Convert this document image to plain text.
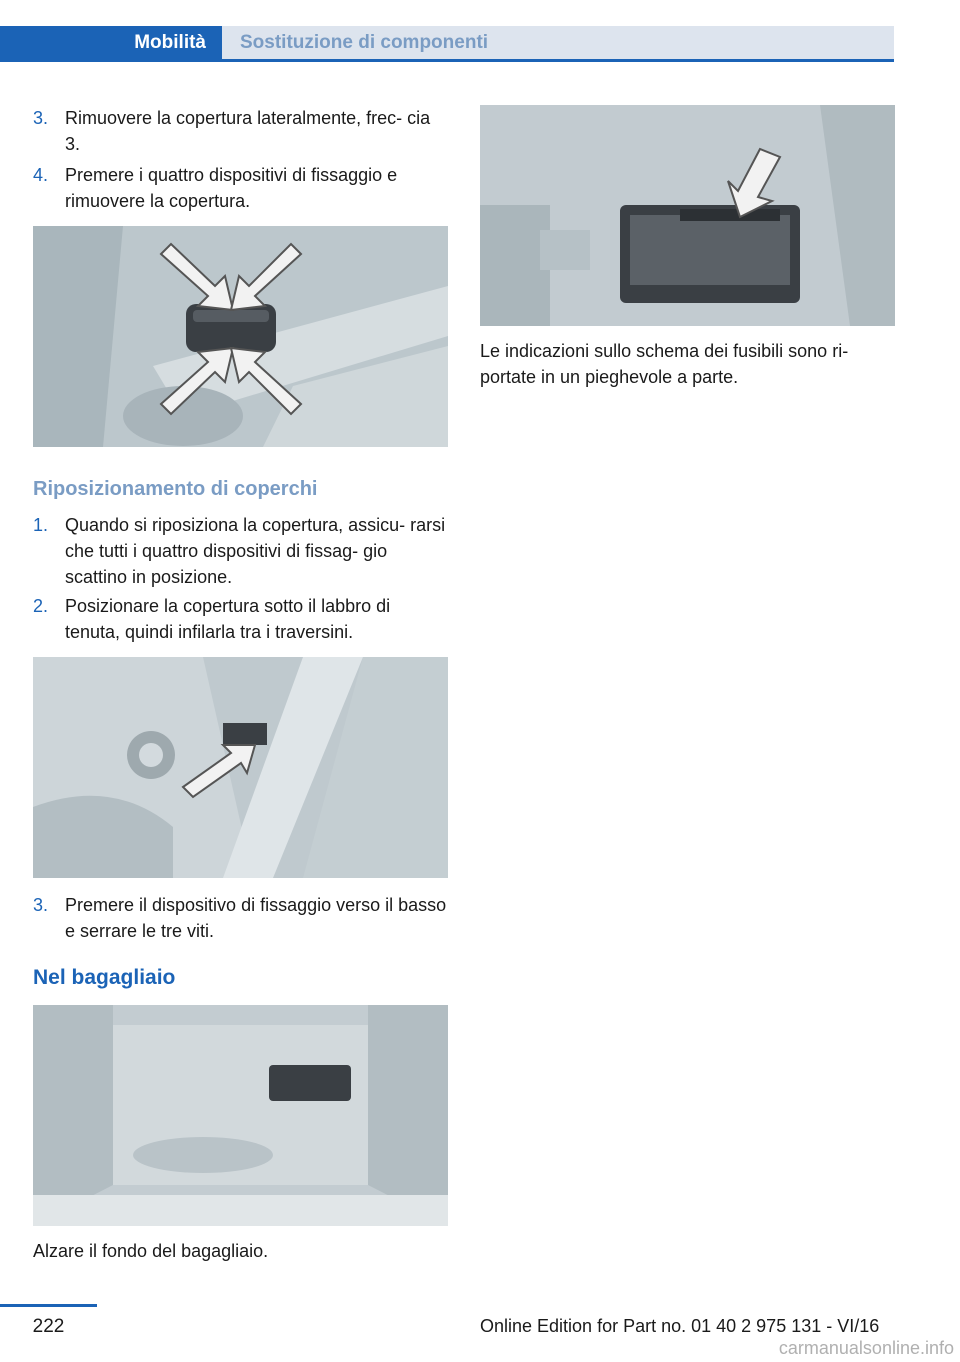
Mobilità	Sostituzione di componenti
3. Rimuovere la copertura lateralmente, frec‐ cia 3.
4. Premere i quattro dispositivi di fissaggio e rimuovere la copertura.
Riposizionamento di coperchi
1. Quando si riposiziona la copertura, assicu‐ rarsi che tutti i quattro dispositivi di fissag‐ gio scattino in posizione.
2. Posizionare la copertura sotto il labbro di tenuta, quindi infilarla tra i traversini.
3. Premere il dispositivo di fissaggio verso il basso e serrare le tre viti.
Nel bagagliaio
Alzare il fondo del bagagliaio.
Le indicazioni sullo schema dei fusibili sono ri‐ portate in un pieghevole a parte.
222	Online Edition for Part no. 01 40 2 975 131 - VI/16
carmanualsonline.info
